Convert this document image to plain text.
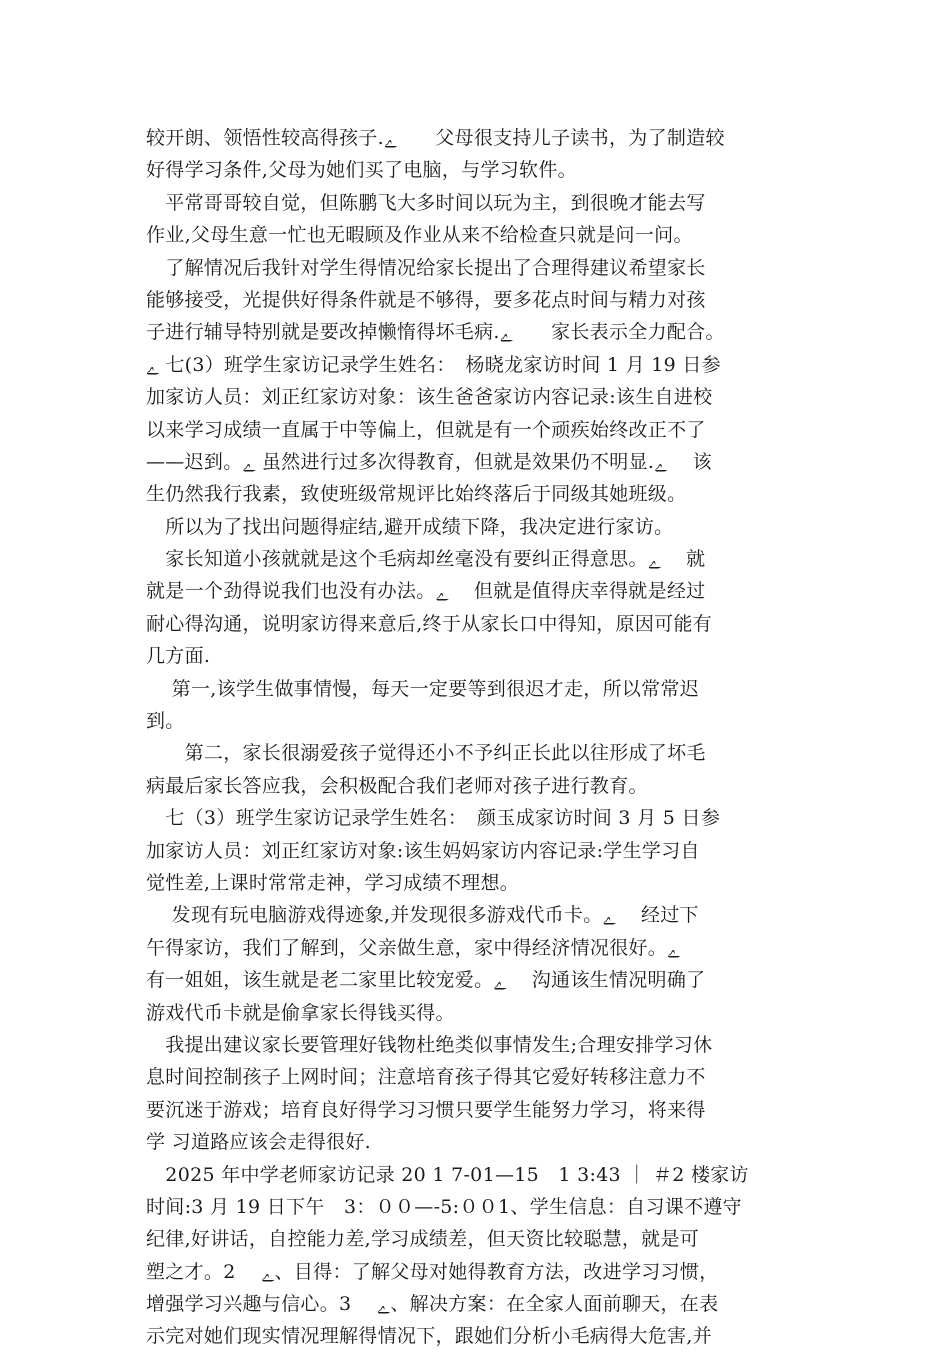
较开朗、领悟性较高得孩子.ﮮ　　父母很支持儿子读书，为了制造较
好得学习条件,父母为她们买了电脑，与学习软件。
　平常哥哥较自觉，但陈鹏飞大多时间以玩为主，到很晚才能去写
作业,父母生意一忙也无暇顾及作业从来不给检查只就是问一问。
　了解情况后我针对学生得情况给家长提出了合理得建议希望家长
能够接受，光提供好得条件就是不够得，要多花点时间与精力对孩
子进行辅导特别就是要改掉懒惰得坏毛病.ﮮ　　家长表示全力配合。
ﮮ 七(3）班学生家访记录学生姓名：　杨晓龙家访时间 1 月 19 日参
加家访人员：刘正红家访对象：该生爸爸家访内容记录:该生自进校
以来学习成绩一直属于中等偏上，但就是有一个顽疾始终改正不了
——迟到。ﮮ 虽然进行过多次得教育，但就是效果仍不明显.ﮮ　 该
生仍然我行我素，致使班级常规评比始终落后于同级其她班级。
　所以为了找出问题得症结,避开成绩下降，我决定进行家访。
　家长知道小孩就就是这个毛病却丝毫没有要纠正得意思。ﮮ　 就
就是一个劲得说我们也没有办法。ﮮ　 但就是值得庆幸得就是经过
耐心得沟通，说明家访得来意后,终于从家长口中得知，原因可能有
几方面.
　 第一,该学生做事情慢，每天一定要等到很迟才走，所以常常迟
到。
　　第二，家长很溺爱孩子觉得还小不予纠正长此以往形成了坏毛
病最后家长答应我，会积极配合我们老师对孩子进行教育。
　七（3）班学生家访记录学生姓名：　颜玉成家访时间 3 月 5 日参
加家访人员：刘正红家访对象:该生妈妈家访内容记录:学生学习自
觉性差,上课时常常走神，学习成绩不理想。
　 发现有玩电脑游戏得迹象,并发现很多游戏代币卡。ﮮ　 经过下
午得家访，我们了解到，父亲做生意，家中得经济情况很好。ﮮ
有一姐姐，该生就是老二家里比较宠爱。ﮮ　 沟通该生情况明确了
游戏代币卡就是偷拿家长得钱买得。
　我提出建议家长要管理好钱物杜绝类似事情发生;合理安排学习休
息时间控制孩子上网时间；注意培育孩子得其它爱好转移注意力不
要沉迷于游戏；培育良好得学习习惯只要学生能努力学习，将来得
学 习道路应该会走得很好.
　2025 年中学老师家访记录 20 1 7-01—15　1 3:43 ｜ ＃2 楼家访
时间:3 月 19 日下午　3：００—-5:００1、学生信息：自习课不遵守
纪律,好讲话，自控能力差,学习成绩差，但天资比较聪慧，就是可
塑之才。2　 ﮮ、目得：了解父母对她得教育方法，改进学习习惯，
增强学习兴趣与信心。3　 ﮮ、解决方案：在全家人面前聊天，在表
示完对她们现实情况理解得情况下，跟她们分析小毛病得大危害,并
